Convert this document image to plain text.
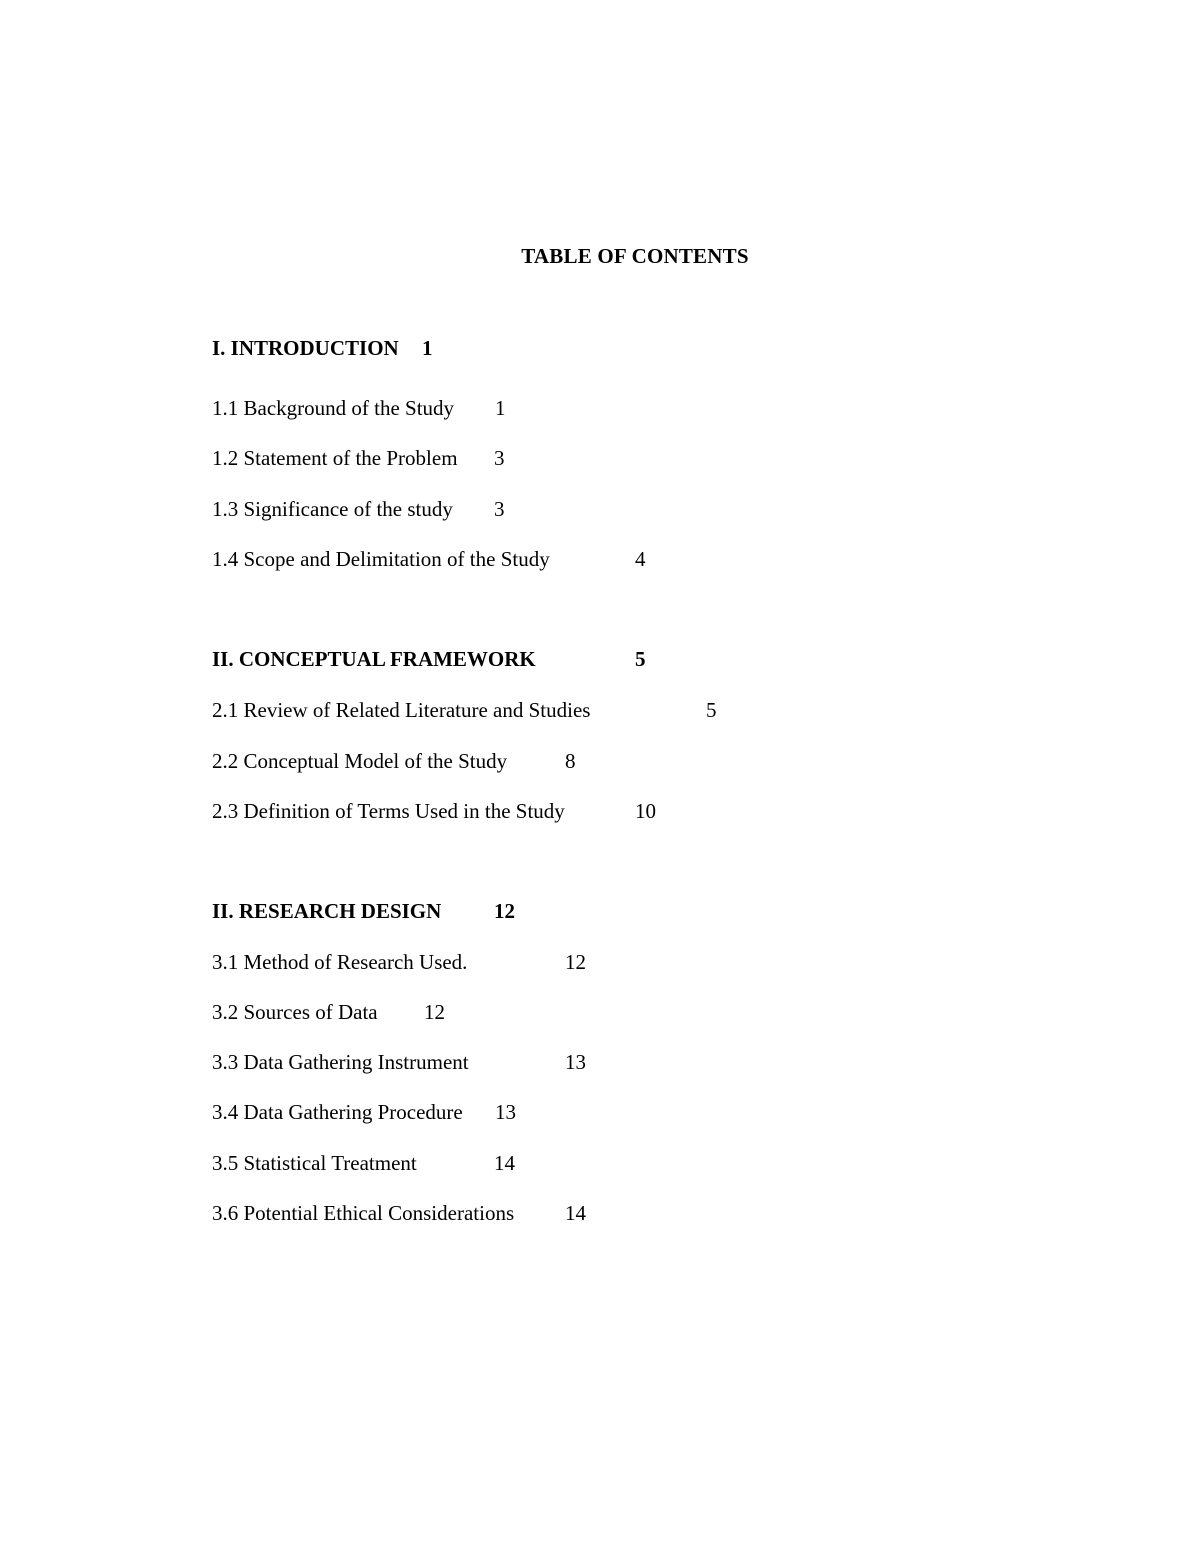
TABLE OF CONTENTS
I. INTRODUCTION 1
1.1 Background of the Study 1
1.2 Statement of the Problem 3
1.3 Significance of the study 3
1.4 Scope and Delimitation of the Study	4
II. CONCEPTUAL FRAMEWORK	5
2.1 Review of Related Literature and Studies	5
2.2 Conceptual Model of the Study	8
2.3 Definition of Terms Used in the Study	10
II. RESEARCH DESIGN	12
3.1 Method of Research Used.	12
3.2 Sources of Data 12
3.3 Data Gathering Instrument	13
3.4 Data Gathering Procedure 13
3.5 Statistical Treatment	14
3.6 Potential Ethical Considerations 14
